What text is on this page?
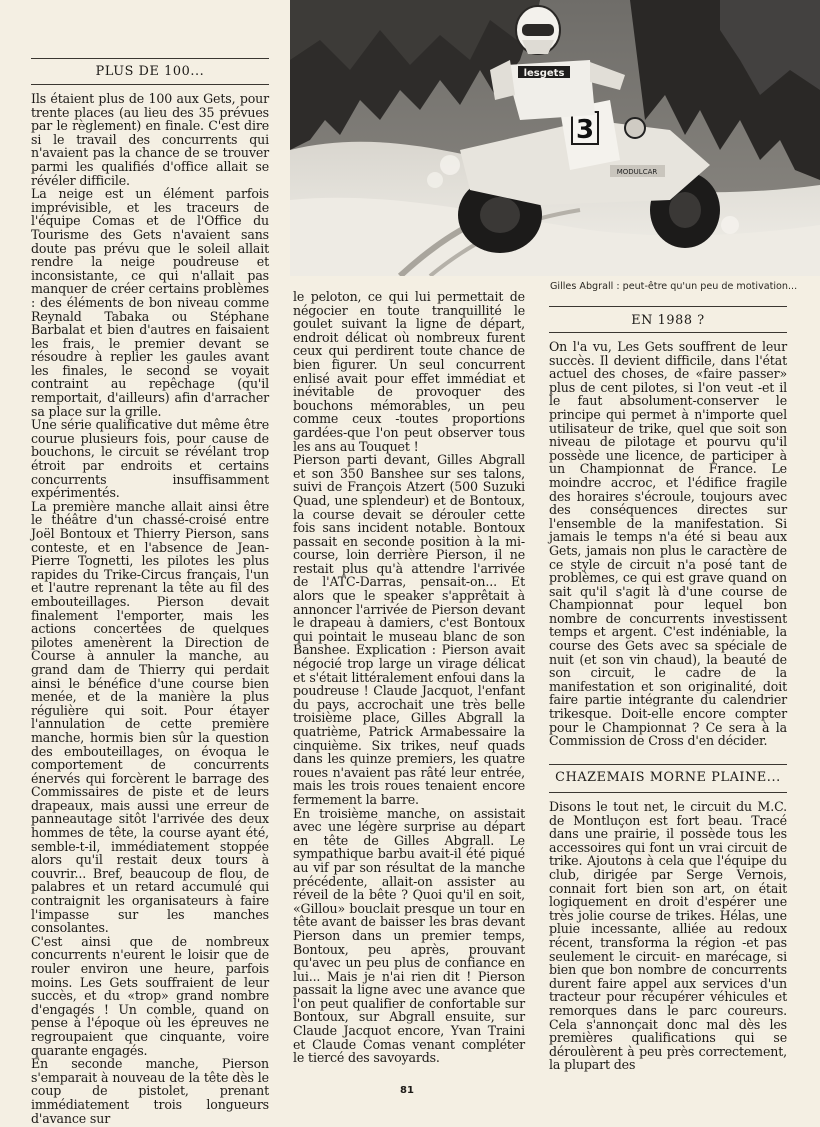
3
MODULCAR
lesgets
Gilles Abgrall : peut-être qu'un peu de motivation...
PLUS DE 100...

Ils étaient plus de 100 aux Gets, pour trente places (au lieu des 35 prévues par le règlement) en finale. C'est dire si le travail des concurrents qui n'avaient pas la chance de se trouver parmi les qualifiés d'office allait se révéler difficile.

La neige est un élément parfois imprévisible, et les traceurs de l'équipe Comas et de l'Office du Tourisme des Gets n'avaient sans doute pas prévu que le soleil allait rendre la neige poudreuse et inconsistante, ce qui n'allait pas manquer de créer certains problèmes : des éléments de bon niveau comme Reynald Tabaka ou Stéphane Barbalat et bien d'autres en faisaient les frais, le premier devant se résoudre à replier les gaules avant les finales, le second se voyait contraint au repêchage (qu'il remportait, d'ailleurs) afin d'arracher sa place sur la grille.

Une série qualificative dut même être courue plusieurs fois, pour cause de bouchons, le circuit se révélant trop étroit par endroits et certains concurrents insuffisamment expérimentés.

La première manche allait ainsi être le théâtre d'un chassé-croisé entre Joël Bontoux et Thierry Pierson, sans conteste, et en l'absence de Jean-Pierre Tognetti, les pilotes les plus rapides du Trike-Circus français, l'un et l'autre reprenant la tête au fil des embouteillages. Pierson devait finalement l'emporter, mais les actions concertées de quelques pilotes amenèrent la Direction de Course à annuler la manche, au grand dam de Thierry qui perdait ainsi le bénéfice d'une course bien menée, et de la manière la plus régulière qui soit. Pour étayer l'annulation de cette première manche, hormis bien sûr la question des embouteillages, on évoqua le comportement de concurrents énervés qui forcèrent le barrage des Commissaires de piste et de leurs drapeaux, mais aussi une erreur de panneautage sitôt l'arrivée des deux hommes de tête, la course ayant été, semble-t-il, immédiatement stoppée alors qu'il restait deux tours à couvrir... Bref, beaucoup de flou, de palabres et un retard accumulé qui contraignit les organisateurs à faire l'impasse sur les manches consolantes.

C'est ainsi que de nombreux concurrents n'eurent le loisir que de rouler environ une heure, parfois moins. Les Gets souffraient de leur succès, et du «trop» grand nombre d'engagés ! Un comble, quand on pense à l'époque où les épreuves ne regroupaient que cinquante, voire quarante engagés.

En seconde manche, Pierson s'emparait à nouveau de la tête dès le coup de pistolet, prenant immédiatement trois longueurs d'avance sur

le peloton, ce qui lui permettait de négocier en toute tranquillité le goulet suivant la ligne de départ, endroit délicat où nombreux furent ceux qui perdirent toute chance de bien figurer. Un seul concurrent enlisé avait pour effet immédiat et inévitable de provoquer des bouchons mémorables, un peu comme ceux -toutes proportions gardées-que l'on peut observer tous les ans au Touquet !

Pierson parti devant, Gilles Abgrall et son 350 Banshee sur ses talons, suivi de François Atzert (500 Suzuki Quad, une splendeur) et de Bontoux, la course devait se dérouler cette fois sans incident notable. Bontoux passait en seconde position à la mi-course, loin derrière Pierson, il ne restait plus qu'à attendre l'arrivée de l'ATC-Darras, pensait-on... Et alors que le speaker s'apprêtait à annoncer l'arrivée de Pierson devant le drapeau à damiers, c'est Bontoux qui pointait le museau blanc de son Banshee. Explication : Pierson avait négocié trop large un virage délicat et s'était littéralement enfoui dans la poudreuse ! Claude Jacquot, l'enfant du pays, accrochait une très belle troisième place, Gilles Abgrall la quatrième, Patrick Armabessaire la cinquième. Six trikes, neuf quads dans les quinze premiers, les quatre roues n'avaient pas râté leur entrée, mais les trois roues tenaient encore fermement la barre.

En troisième manche, on assistait avec une légère surprise au départ en tête de Gilles Abgrall. Le sympathique barbu avait-il été piqué au vif par son résultat de la manche précédente, allait-on assister au réveil de la bête ? Quoi qu'il en soit, «Gillou» bouclait presque un tour en tête avant de baisser les bras devant Pierson dans un premier temps, Bontoux, peu après, prouvant qu'avec un peu plus de confiance en lui... Mais je n'ai rien dit ! Pierson passait la ligne avec une avance que l'on peut qualifier de confortable sur Bontoux, sur Abgrall ensuite, sur Claude Jacquot encore, Yvan Traini et Claude Comas venant compléter le tiercé des savoyards.

EN 1988 ?

On l'a vu, Les Gets souffrent de leur succès. Il devient difficile, dans l'état actuel des choses, de «faire passer» plus de cent pilotes, si l'on veut -et il le faut absolument-conserver le principe qui permet à n'importe quel utilisateur de trike, quel que soit son niveau de pilotage et pourvu qu'il possède une licence, de participer à un Championnat de France. Le moindre accroc, et l'édifice fragile des horaires s'écroule, toujours avec des conséquences directes sur l'ensemble de la manifestation. Si jamais le temps n'a été si beau aux Gets, jamais non plus le caractère de ce style de circuit n'a posé tant de problèmes, ce qui est grave quand on sait qu'il s'agit là d'une course de Championnat pour lequel bon nombre de concurrents investissent temps et argent. C'est indéniable, la course des Gets avec sa spéciale de nuit (et son vin chaud), la beauté de son circuit, le cadre de la manifestation et son originalité, doit faire partie intégrante du calendrier trikesque. Doit-elle encore compter pour le Championnat ? Ce sera à la Commission de Cross d'en décider.

CHAZEMAIS MORNE PLAINE...

Disons le tout net, le circuit du M.C. de Montluçon est fort beau. Tracé dans une prairie, il possède tous les accessoires qui font un vrai circuit de trike. Ajoutons à cela que l'équipe du club, dirigée par Serge Vernois, connait fort bien son art, on était logiquement en droit d'espérer une très jolie course de trikes. Hélas, une pluie incessante, alliée au redoux récent, transforma la région -et pas seulement le circuit- en marécage, si bien que bon nombre de concurrents durent faire appel aux services d'un tracteur pour récupérer véhicules et remorques dans le parc coureurs. Cela s'annonçait donc mal dès les premières qualifications qui se déroulèrent à peu près correctement, la plupart des

81
